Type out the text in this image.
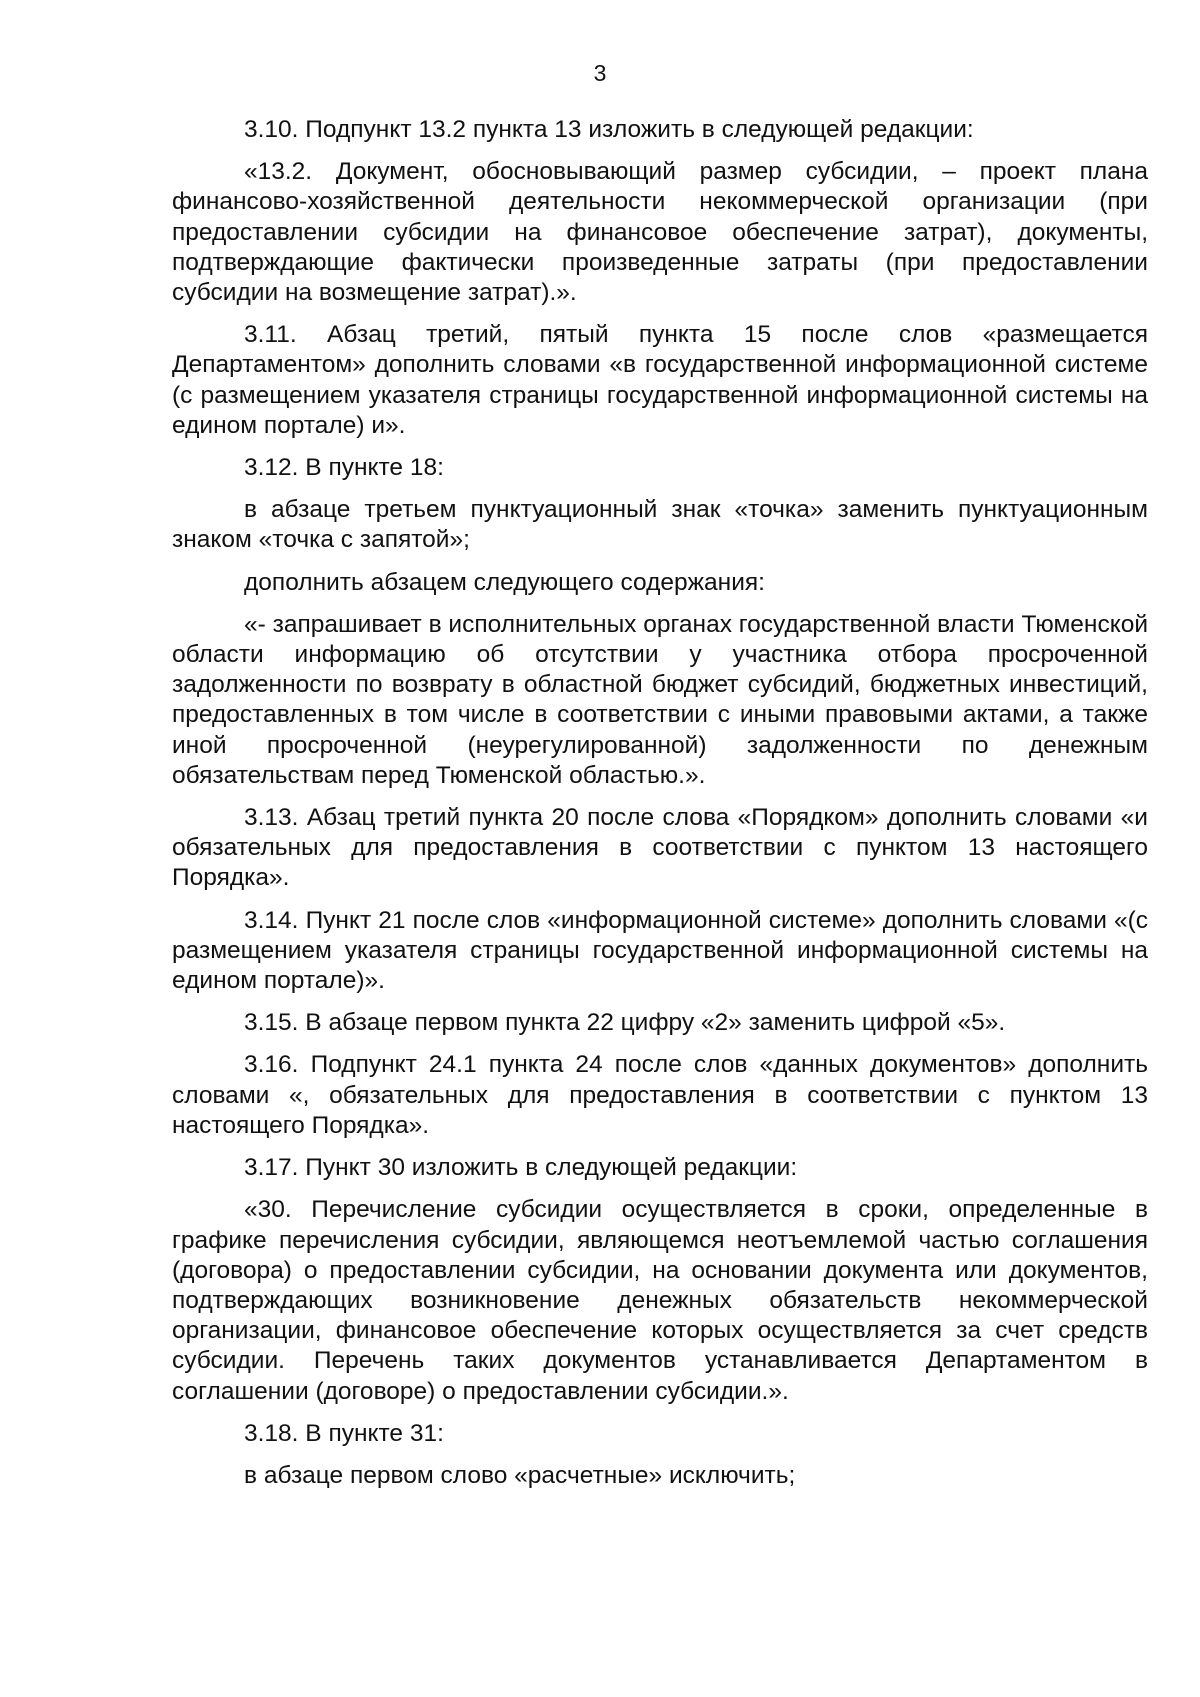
3

3.10. Подпункт 13.2 пункта 13 изложить в следующей редакции:

«13.2. Документ, обосновывающий размер субсидии, – проект плана финансово-хозяйственной деятельности некоммерческой организации (при предоставлении субсидии на финансовое обеспечение затрат), документы, подтверждающие фактически произведенные затраты (при предоставлении субсидии на возмещение затрат).».

3.11. Абзац третий, пятый пункта 15 после слов «размещается Департаментом» дополнить словами «в государственной информационной системе (с размещением указателя страницы государственной информационной системы на едином портале) и».

3.12. В пункте 18:

в абзаце третьем пунктуационный знак «точка» заменить пунктуационным знаком «точка с запятой»;

дополнить абзацем следующего содержания:

«- запрашивает в исполнительных органах государственной власти Тюменской области информацию об отсутствии у участника отбора просроченной задолженности по возврату в областной бюджет субсидий, бюджетных инвестиций, предоставленных в том числе в соответствии с иными правовыми актами, а также иной просроченной (неурегулированной) задолженности по денежным обязательствам перед Тюменской областью.».

3.13. Абзац третий пункта 20 после слова «Порядком» дополнить словами «и обязательных для предоставления в соответствии с пунктом 13 настоящего Порядка».

3.14. Пункт 21 после слов «информационной системе» дополнить словами «(с размещением указателя страницы государственной информационной системы на едином портале)».

3.15. В абзаце первом пункта 22 цифру «2» заменить цифрой «5».

3.16. Подпункт 24.1 пункта 24 после слов «данных документов» дополнить словами «, обязательных для предоставления в соответствии с пунктом 13 настоящего Порядка».

3.17. Пункт 30 изложить в следующей редакции:

«30. Перечисление субсидии осуществляется в сроки, определенные в графике перечисления субсидии, являющемся неотъемлемой частью соглашения (договора) о предоставлении субсидии, на основании документа или документов, подтверждающих возникновение денежных обязательств некоммерческой организации, финансовое обеспечение которых осуществляется за счет средств субсидии. Перечень таких документов устанавливается Департаментом в соглашении (договоре) о предоставлении субсидии.».

3.18. В пункте 31:

в абзаце первом слово «расчетные» исключить;
